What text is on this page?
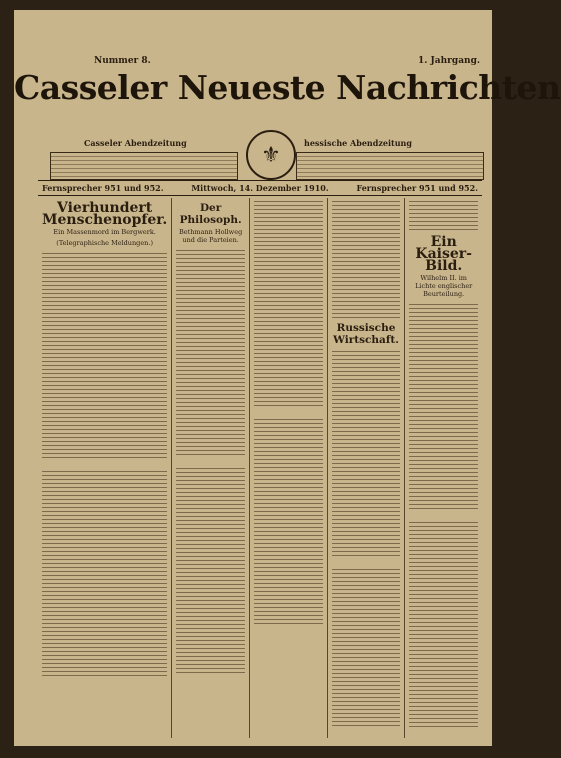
Nummer 8.	1. Jahrgang.
Casseler Neueste Nachrichten
Casseler Abendzeitung	hessische Abendzeitung
⚜
Fernsprecher 951 und 952.	Mittwoch, 14. Dezember 1910.	Fernsprecher 951 und 952.
Vierhundert Menschenopfer.
Ein Massenmord im Bergwerk.
(Telegraphische Meldungen.)
Der Philosoph.
Bethmann Hollweg und die Parteien.
Russische Wirtschaft.
Ein Kaiser-Bild.
Wilhelm II. im Lichte englischer Beurteilung.
